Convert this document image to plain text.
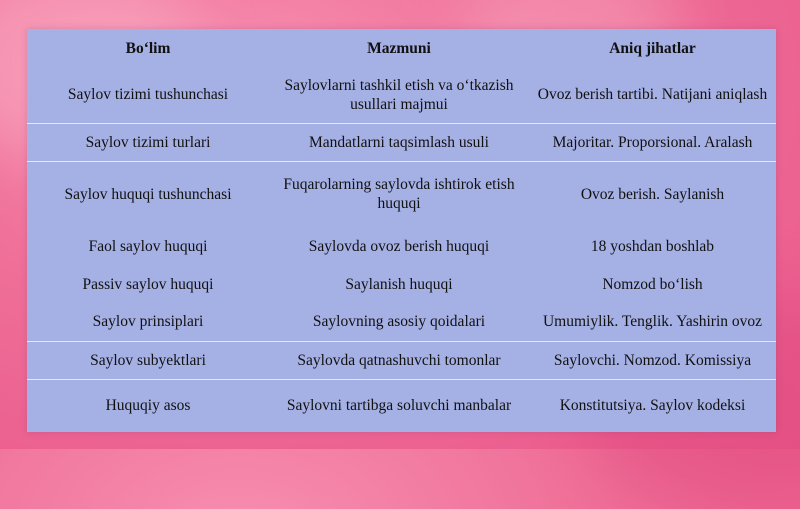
Bo‘lim	Mazmuni	Aniq jihatlar
Saylov tizimi tushunchasi	Saylovlarni tashkil etish va o‘tkazish usullari majmui	Ovoz berish tartibi. Natijani aniqlash
Saylov tizimi turlari	Mandatlarni taqsimlash usuli	Majoritar. Proporsional. Aralash
Saylov huquqi tushunchasi	Fuqarolarning saylovda ishtirok etish huquqi	Ovoz berish. Saylanish
Faol saylov huquqi	Saylovda ovoz berish huquqi	18 yoshdan boshlab
Passiv saylov huquqi	Saylanish huquqi	Nomzod bo‘lish
Saylov prinsiplari	Saylovning asosiy qoidalari	Umumiylik. Tenglik. Yashirin ovoz
Saylov subyektlari	Saylovda qatnashuvchi tomonlar	Saylovchi. Nomzod. Komissiya
Huquqiy asos	Saylovni tartibga soluvchi manbalar	Konstitutsiya. Saylov kodeksi
